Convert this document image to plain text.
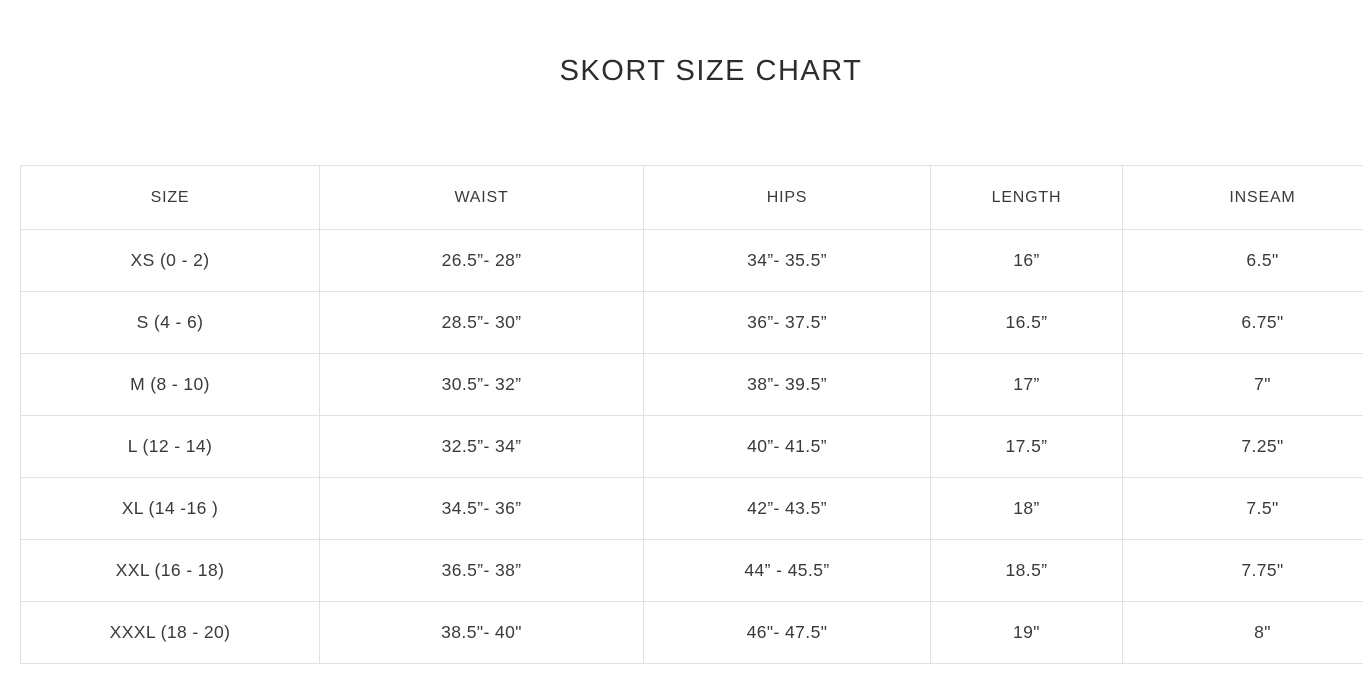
SKORT SIZE CHART
SIZE	WAIST	HIPS	LENGTH	INSEAM
XS (0 - 2)	26.5”- 28”	34”- 35.5”	16”	6.5"
S (4 - 6)	28.5”- 30”	36”- 37.5”	16.5”	6.75"
M (8 - 10)	30.5”- 32”	38”- 39.5”	17”	7"
L (12 - 14)	32.5”- 34”	40”- 41.5”	17.5”	7.25"
XL (14 -16 )	34.5”- 36”	42”- 43.5”	18”	7.5"
XXL (16 - 18)	36.5”- 38”	44” - 45.5”	18.5”	7.75"
XXXL (18 - 20)	38.5"- 40"	46"- 47.5"	19"	8"
